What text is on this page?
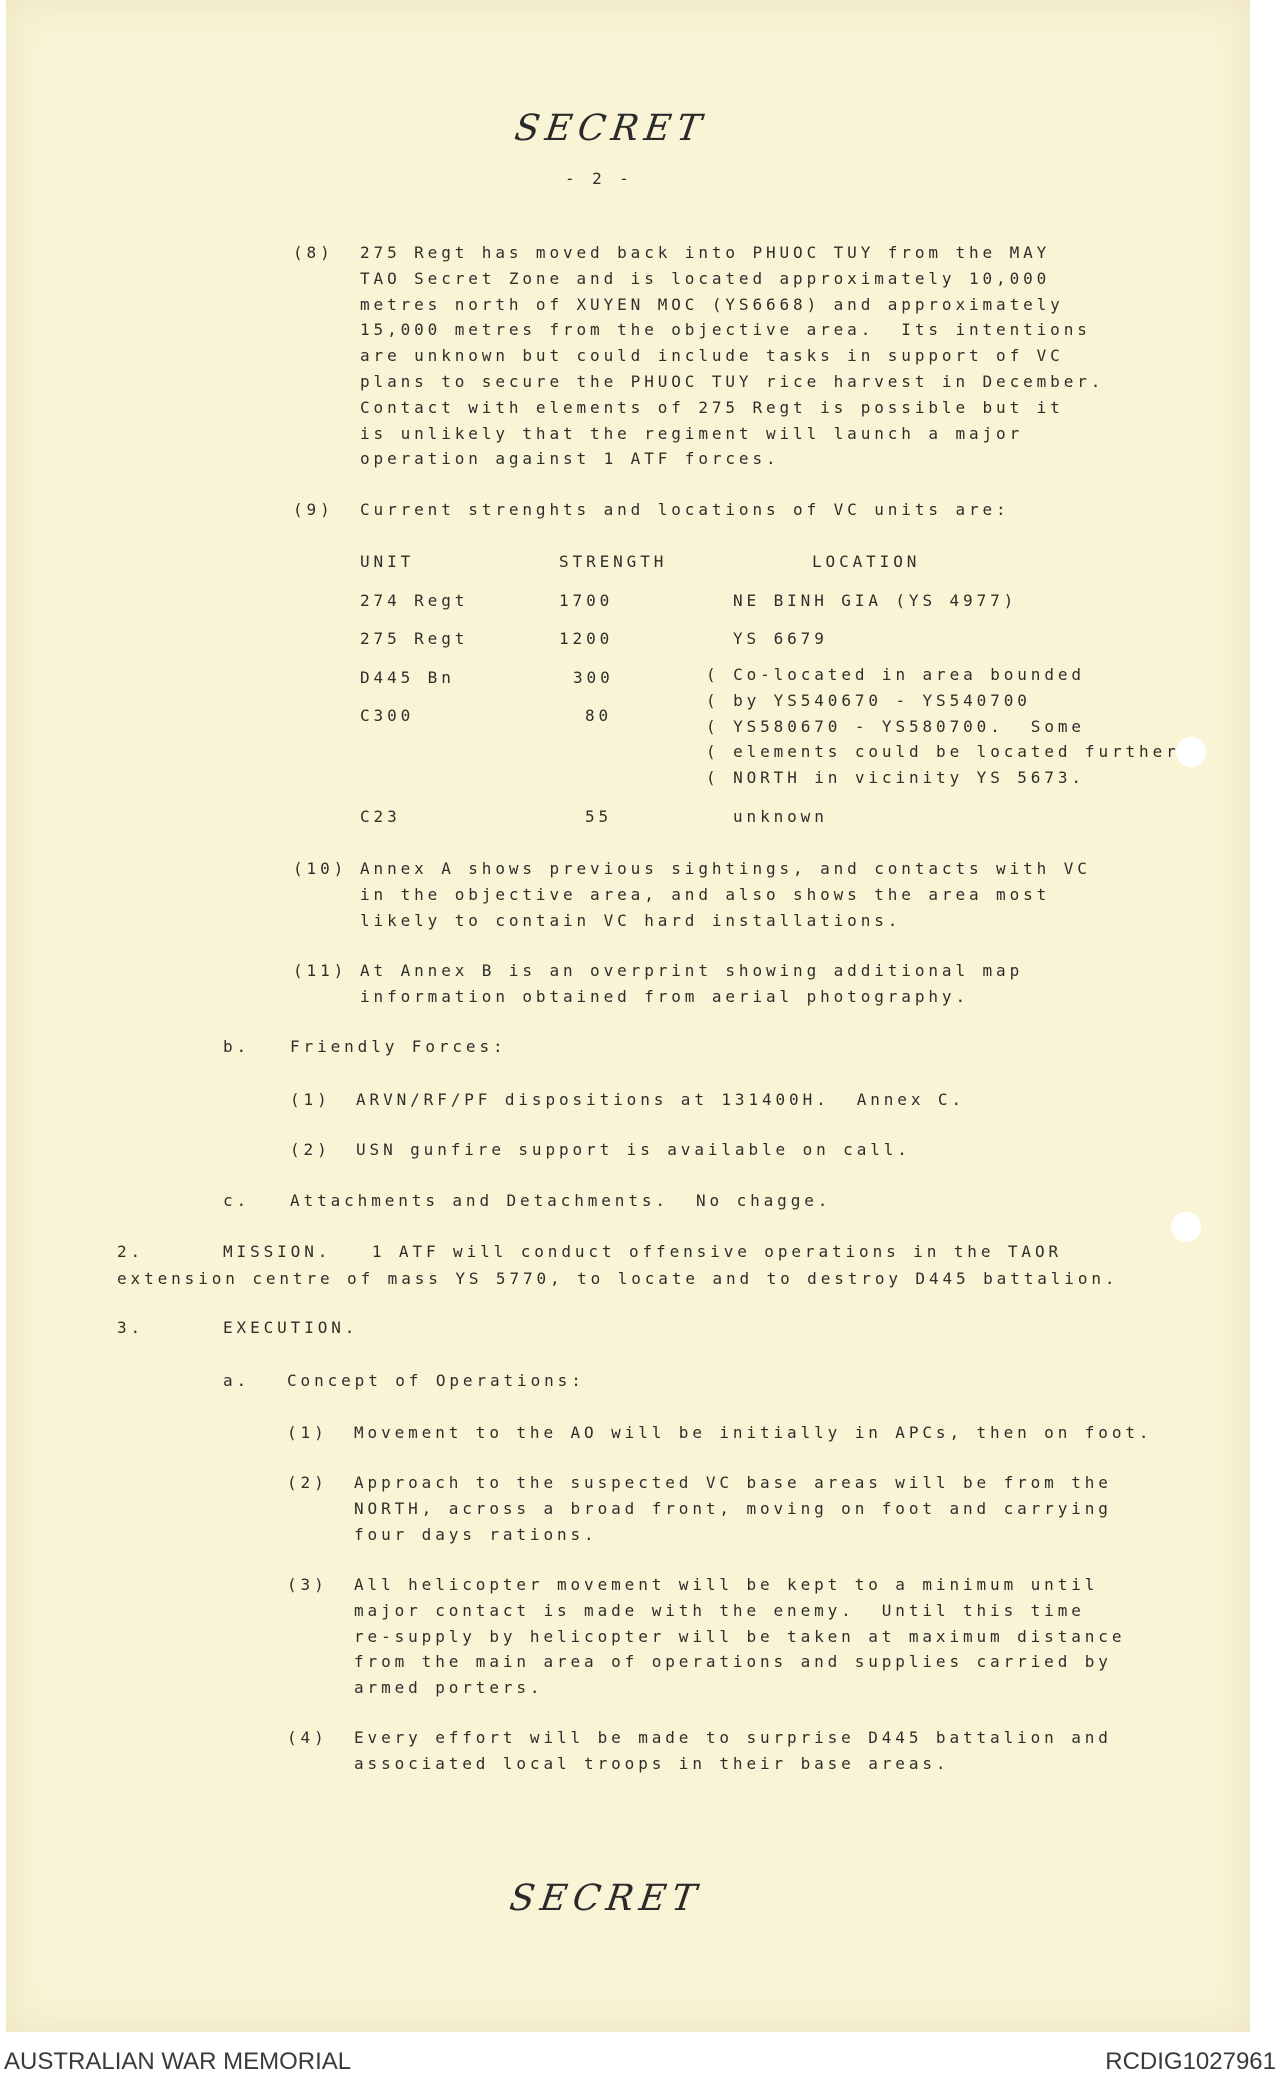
SECRET
- 2 -
(8) 275 Regt has moved back into PHUOC TUY from the MAY
TAO Secret Zone and is located approximately 10,000
metres north of XUYEN MOC (YS6668) and approximately
15,000 metres from the objective area.  Its intentions
are unknown but could include tasks in support of VC
plans to secure the PHUOC TUY rice harvest in December.
Contact with elements of 275 Regt is possible but it
is unlikely that the regiment will launch a major
operation against 1 ATF forces.
(9) Current strenghts and locations of VC units are:
UNIT	STRENGTH	LOCATION
274 Regt	1700	NE BINH GIA (YS 4977)
275 Regt	1200	YS 6679
D445 Bn	300
C300	80
( Co-located in area bounded
( by YS540670 - YS540700
( YS580670 - YS580700.  Some
( elements could be located further
( NORTH in vicinity YS 5673.
C23	55	unknown
(10) Annex A shows previous sightings, and contacts with VC
in the objective area, and also shows the area most
likely to contain VC hard installations.
(11) At Annex B is an overprint showing additional map
information obtained from aerial photography.
b. Friendly Forces:
(1) ARVN/RF/PF dispositions at 131400H.  Annex C.
(2) USN gunfire support is available on call.
c. Attachments and Detachments.  No chagge.
2.	MISSION.   1 ATF will conduct offensive operations in the TAOR
extension centre of mass YS 5770, to locate and to destroy D445 battalion.
3.	EXECUTION.
a. Concept of Operations:
(1) Movement to the AO will be initially in APCs, then on foot.
(2) Approach to the suspected VC base areas will be from the
NORTH, across a broad front, moving on foot and carrying
four days rations.
(3) All helicopter movement will be kept to a minimum until
major contact is made with the enemy.  Until this time
re-supply by helicopter will be taken at maximum distance
from the main area of operations and supplies carried by
armed porters.
(4) Every effort will be made to surprise D445 battalion and
associated local troops in their base areas.
SECRET
AUSTRALIAN WAR MEMORIAL	RCDIG1027961
